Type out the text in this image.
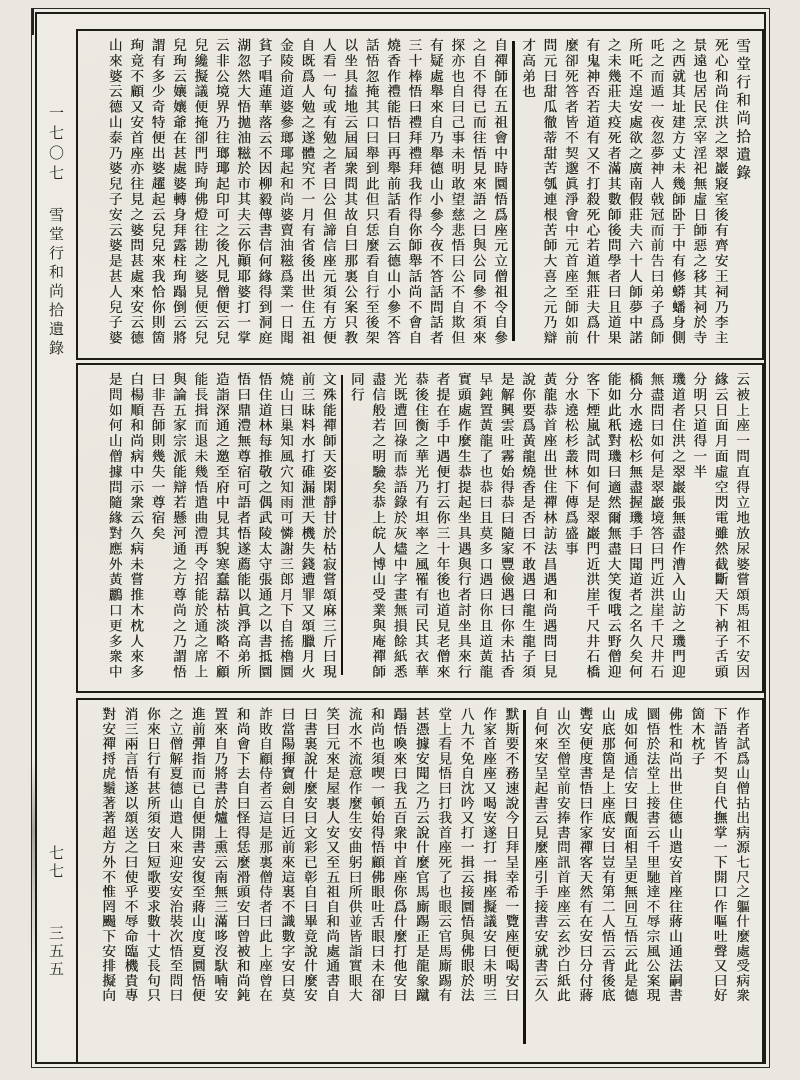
一七〇七
雪堂行和尚拾遺錄
七七
三五五
雪堂行和尚拾遺錄
死心和尚住洪之翠巖寢室後有齊安王祠乃李主
景遠也居民烹宰淫祀無虛日師惡之移其祠於寺
之西就其址建方丈未幾師卧于中有修蟒蟠身側
吒之而遁一夜忽夢神人戟冠而前告曰弟子爲師
所吒不遑安處欲之廣南假莊夫六十人師夢中諾
之未幾莊夫疫死者滿其數師後問學者曰且道果
有鬼神否若道有又不打殺死心若道無莊夫爲什
麼卻死答者皆不契邈眞淨會中元首座至師如前
問元曰甜瓜徹蒂甜苦瓠連根苦師大喜之元乃辯
才高弟也
自禪師在五祖會中時圜悟爲座元立僧祖令自參
之自不得已而往悟見來語之曰與公同參不須來
探亦也自曰己事未明敢望慈悲悟曰公不自欺但
有疑處舉來自乃舉德山小參今夜不答話問話者
三十棒悟曰禮拜禮拜我作得你師舉話尚不會自
燒香作禮能悟曰再舉前話看自云德山小參不答
話悟忽掩其口曰舉到此但只恁麼看自行至後架
以坐具搕地云屆屆衆問其故自曰那裏公案只教
人看一句或有勉之者曰公但諦信座元須有方便
自既爲人勉之遂體究不一月有省後出世住五祖
金陵俞道婆參瑯瑘起和尚婆賣油糍爲業一日聞
貧子唱蓮華落云不因柳毅傳書信何緣得到洞庭
湖忽然大悟拋油糍於市其夫云你顚耶婆打一掌
云非公境界乃往瑯瑘起印可之後凡見僧便云兒
兒纔擬議便掩卻門時珣佛燈往勘之婆見便云兒
兒珣云孃孃爺在甚處婆轉身拜露柱珣蹋倒云將
謂有多少奇特便出婆趯起云兒兒來我恰你則箇
珣竟不顧又安首座亦往見之婆問甚處來安云德
山來婆云德山泰乃婆兒子安云婆是甚人兒子婆
云被上座一問直得立地放尿婆嘗頌馬祖不安因
緣云日面月面虛空閃電雖然截斷天下衲子舌頭
分明只道得一半
璣道者住洪之翠巖張無盡作漕入山訪之璣門迎
無盡問曰如何是翠巖境答曰門近洪崖千尺井石
橋分水遶松杉無盡握璣手曰聞道者之名久矣何
能如此秖對璣曰適然爾無盡大笑復哦云野僧迎
客下煙嵐試問如何是翠巖門近洪崖千尺井石橋
分水遶松杉叢林下傳爲盛事
黃龍恭首座出世住禪林訪法昌遇和尚遇問曰見
說你要爲黃龍燒香是否曰不敢遇曰龍生龍子須
是解興雲吐霧始得恭曰隨家豐儉遇曰你未拈香
早鈍置黃龍了也恭曰且莫多口遇曰你且道黃龍
實頭處作麼生恭提起坐具遇與行者討坐具來行
者提在手中遇便打云你三十年後也道見老僧來
恭後住衡之華光乃有坦率之風罹有司民其衣華
光既遭回祿而恭語錄於灰燼中字畫無損餘紙悉
盡信般若之明驗矣恭上皖人博山受業與庵禪師
同行
文殊能禪師天姿閑靜甘於枯寂嘗頌麻三斤曰現
前三昧料水打碓漏泄天機失錢遭罪又頌臘月火
燒山曰巢知風穴知雨可憐謝三郎月下自搖櫓圜
悟住道林每推敬之偶武陵太守張通之以書抵圜
悟曰鼎澧無尊宿可語者悟遂薦能以眞淨高弟所
造詣深通之邀至府中見其貌寒蠢藞枯淡略不顧
能長揖而退未幾悟遣曲澧再令招能於通之席上
與論五家宗派能辯若懸河通之方尊尚之乃謂悟
曰非吾師則幾失一尊宿矣
白楊順和尚病中示衆云久病未嘗推木枕人來多
是問如何山僧據問隨緣對應外黃鸝口更多衆中
作者試爲山僧拈出病源七尺之軀什麼處受病衆
下語皆不契自代撫掌一下開口作嘔吐聲又曰好
箇木枕子
佛性和尚出世住德山遣安首座往蔣山通法嗣書
圜悟於法堂上接書云千里馳達不辱宗風公案現
成如何通信安曰覿面相呈更無回互悟云此是德
山底那箇是上座底安曰豈有第二人悟云背後底
聻安便度書悟曰作家禪客天然有在安曰分付蔣
山次至僧堂前安捧書問訊首座座云玄沙白紙此
自何來安呈起書云見麼座引手接書安就書云久
默斯要不務速說今日拜呈幸希一覽座便喝安曰
作家首座座又喝安遂打一揖座擬議安曰未明三
八九不免自沈吟又打一揖云接圜悟與佛眼於法
堂上看見悟曰打我首座死了也眼云官馬廝踢有
甚憑據安聞之乃云說什麼官馬廝踢正是龍象蹴
蹋悟喚來曰我五百衆中首座你爲什麼打他安曰
和尚也須喫一頓始得悟顧佛眼吐舌眼曰未在卻
流水不流意作麼生安曲躬曰所供並皆詣實眼大
笑曰元來是屋裏人安又至五祖自和尚處通書自
曰書裏說什麼安曰文彩已彰自曰畢竟說什麼安
曰當陽揮寶劍自曰近前來這裏不識數字安曰莫
詐敗自顧侍者云這是那裏僧侍者曰此上座曾在
和尚會下去自曰怪得恁麼滑頭安曰曾被和尚鈍
置來自乃將書於爐上熏云南無三滿哆沒馱喃安
進前彈指而已自便開書安復至蔣山度夏圜悟便
之立僧解夏德山遣人來迎安安治裝次悟至問曰
你來日行有甚所須安曰短歌要求數十丈長句只
消三兩言悟遂以頌送之曰使乎不辱命臨機貴專
對安禪捋虎鬚著著超方外不惟罔颺下安排擬向
